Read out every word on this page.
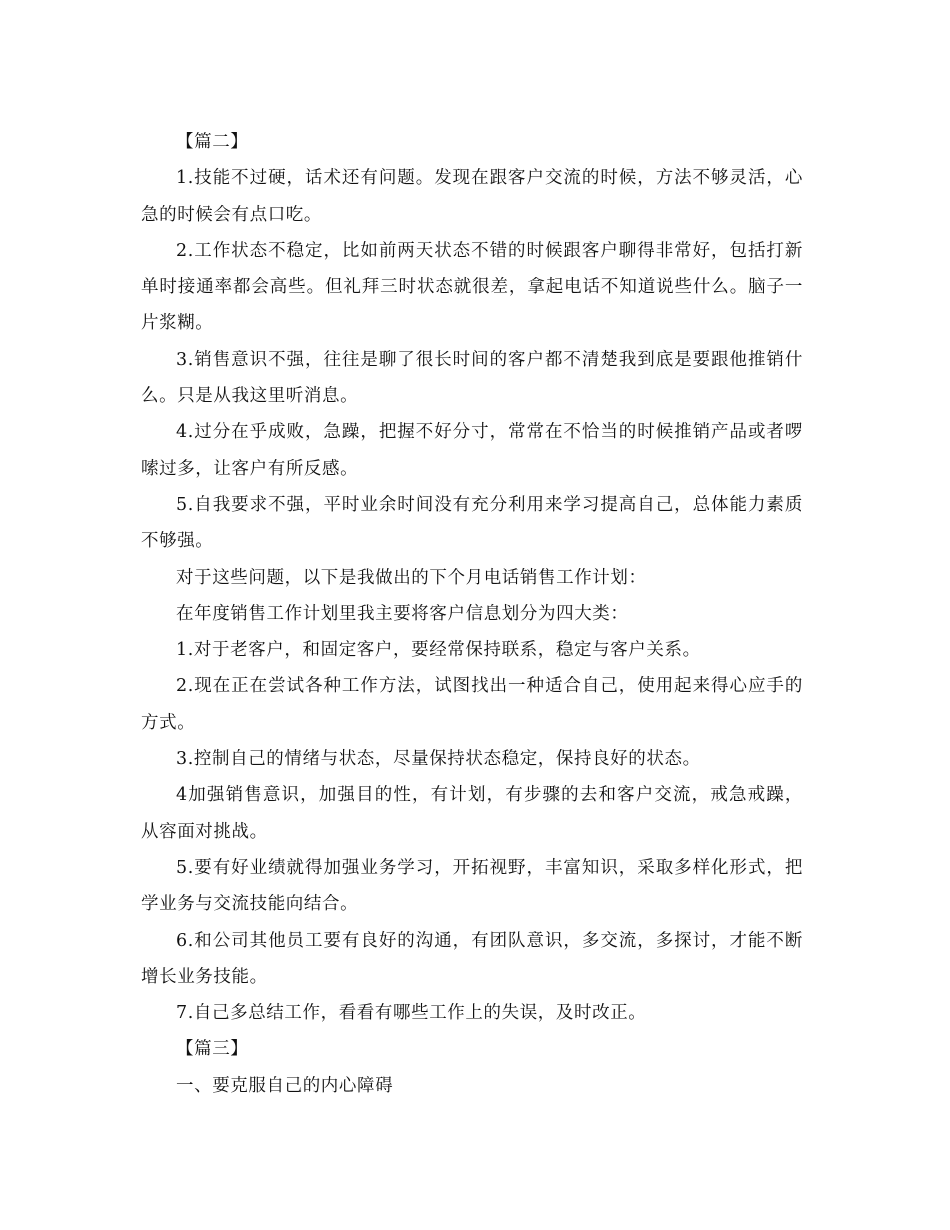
【篇二】

1.技能不过硬，话术还有问题。发现在跟客户交流的时候，方法不够灵活，心急的时候会有点口吃。

2.工作状态不稳定，比如前两天状态不错的时候跟客户聊得非常好，包括打新单时接通率都会高些。但礼拜三时状态就很差，拿起电话不知道说些什么。脑子一片浆糊。

3.销售意识不强，往往是聊了很长时间的客户都不清楚我到底是要跟他推销什么。只是从我这里听消息。

4.过分在乎成败，急躁，把握不好分寸，常常在不恰当的时候推销产品或者啰嗦过多，让客户有所反感。

5.自我要求不强，平时业余时间没有充分利用来学习提高自己，总体能力素质不够强。

对于这些问题，以下是我做出的下个月电话销售工作计划：

在年度销售工作计划里我主要将客户信息划分为四大类：

1.对于老客户，和固定客户，要经常保持联系，稳定与客户关系。

2.现在正在尝试各种工作方法，试图找出一种适合自己，使用起来得心应手的方式。

3.控制自己的情绪与状态，尽量保持状态稳定，保持良好的状态。

4加强销售意识，加强目的性，有计划，有步骤的去和客户交流，戒急戒躁，从容面对挑战。

5.要有好业绩就得加强业务学习，开拓视野，丰富知识，采取多样化形式，把学业务与交流技能向结合。

6.和公司其他员工要有良好的沟通，有团队意识，多交流，多探讨，才能不断增长业务技能。

7.自己多总结工作，看看有哪些工作上的失误，及时改正。

【篇三】

一、要克服自己的内心障碍
